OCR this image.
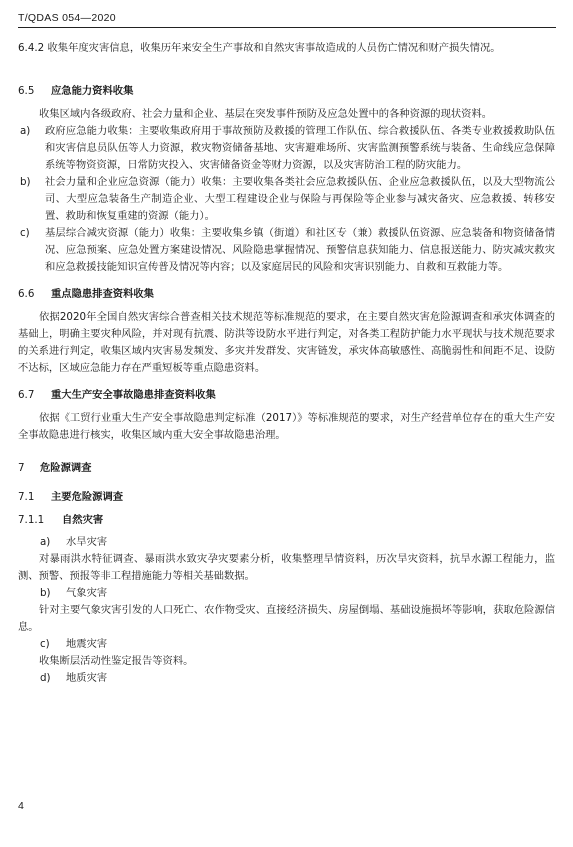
T/QDAS 054—2020

6.4.2 收集年度灾害信息，收集历年来安全生产事故和自然灾害事故造成的人员伤亡情况和财产损失情况。

6.5 应急能力资料收集

收集区域内各级政府、社会力量和企业、基层在突发事件预防及应急处置中的各种资源的现状资料。

a)	政府应急能力收集：主要收集政府用于事故预防及救援的管理工作队伍、综合救援队伍、各类专业救援救助队伍和灾害信息员队伍等人力资源，救灾物资储备基地、灾害避难场所、灾害监测预警系统与装备、生命线应急保障系统等物资资源，日常防灾投入、灾害储备资金等财力资源，以及灾害防治工程的防灾能力。
b)	社会力量和企业应急资源（能力）收集：主要收集各类社会应急救援队伍、企业应急救援队伍，以及大型物流公司、大型应急装备生产制造企业、大型工程建设企业与保险与再保险等企业参与减灾备灾、应急救援、转移安置、救助和恢复重建的资源（能力）。
c)	基层综合减灾资源（能力）收集：主要收集乡镇（街道）和社区专（兼）救援队伍资源、应急装备和物资储备情况、应急预案、应急处置方案建设情况、风险隐患掌握情况、预警信息获知能力、信息报送能力、防灾减灾救灾和应急救援技能知识宣传普及情况等内容；以及家庭居民的风险和灾害识别能力、自救和互救能力等。

6.6 重点隐患排查资料收集

依据2020年全国自然灾害综合普查相关技术规范等标准规范的要求，在主要自然灾害危险源调查和承灾体调查的基础上，明确主要灾种风险，并对现有抗震、防洪等设防水平进行判定，对各类工程防护能力水平现状与技术规范要求的关系进行判定，收集区域内灾害易发频发、多灾并发群发、灾害链发，承灾体高敏感性、高脆弱性和间距不足、设防不达标，区域应急能力存在严重短板等重点隐患资料。

6.7 重大生产安全事故隐患排查资料收集

依据《工贸行业重大生产安全事故隐患判定标准（2017）》等标准规范的要求，对生产经营单位存在的重大生产安全事故隐患进行核实，收集区域内重大安全事故隐患治理。

7 危险源调查

7.1 主要危险源调查

7.1.1 自然灾害

a)	水旱灾害

对暴雨洪水特征调查、暴雨洪水致灾孕灾要素分析，收集整理旱情资料，历次旱灾资料，抗旱水源工程能力，监测、预警、预报等非工程措施能力等相关基础数据。

b)	气象灾害

针对主要气象灾害引发的人口死亡、农作物受灾、直接经济损失、房屋倒塌、基础设施损坏等影响，获取危险源信息。

c)	地震灾害

收集断层活动性鉴定报告等资料。

d)	地质灾害
4
